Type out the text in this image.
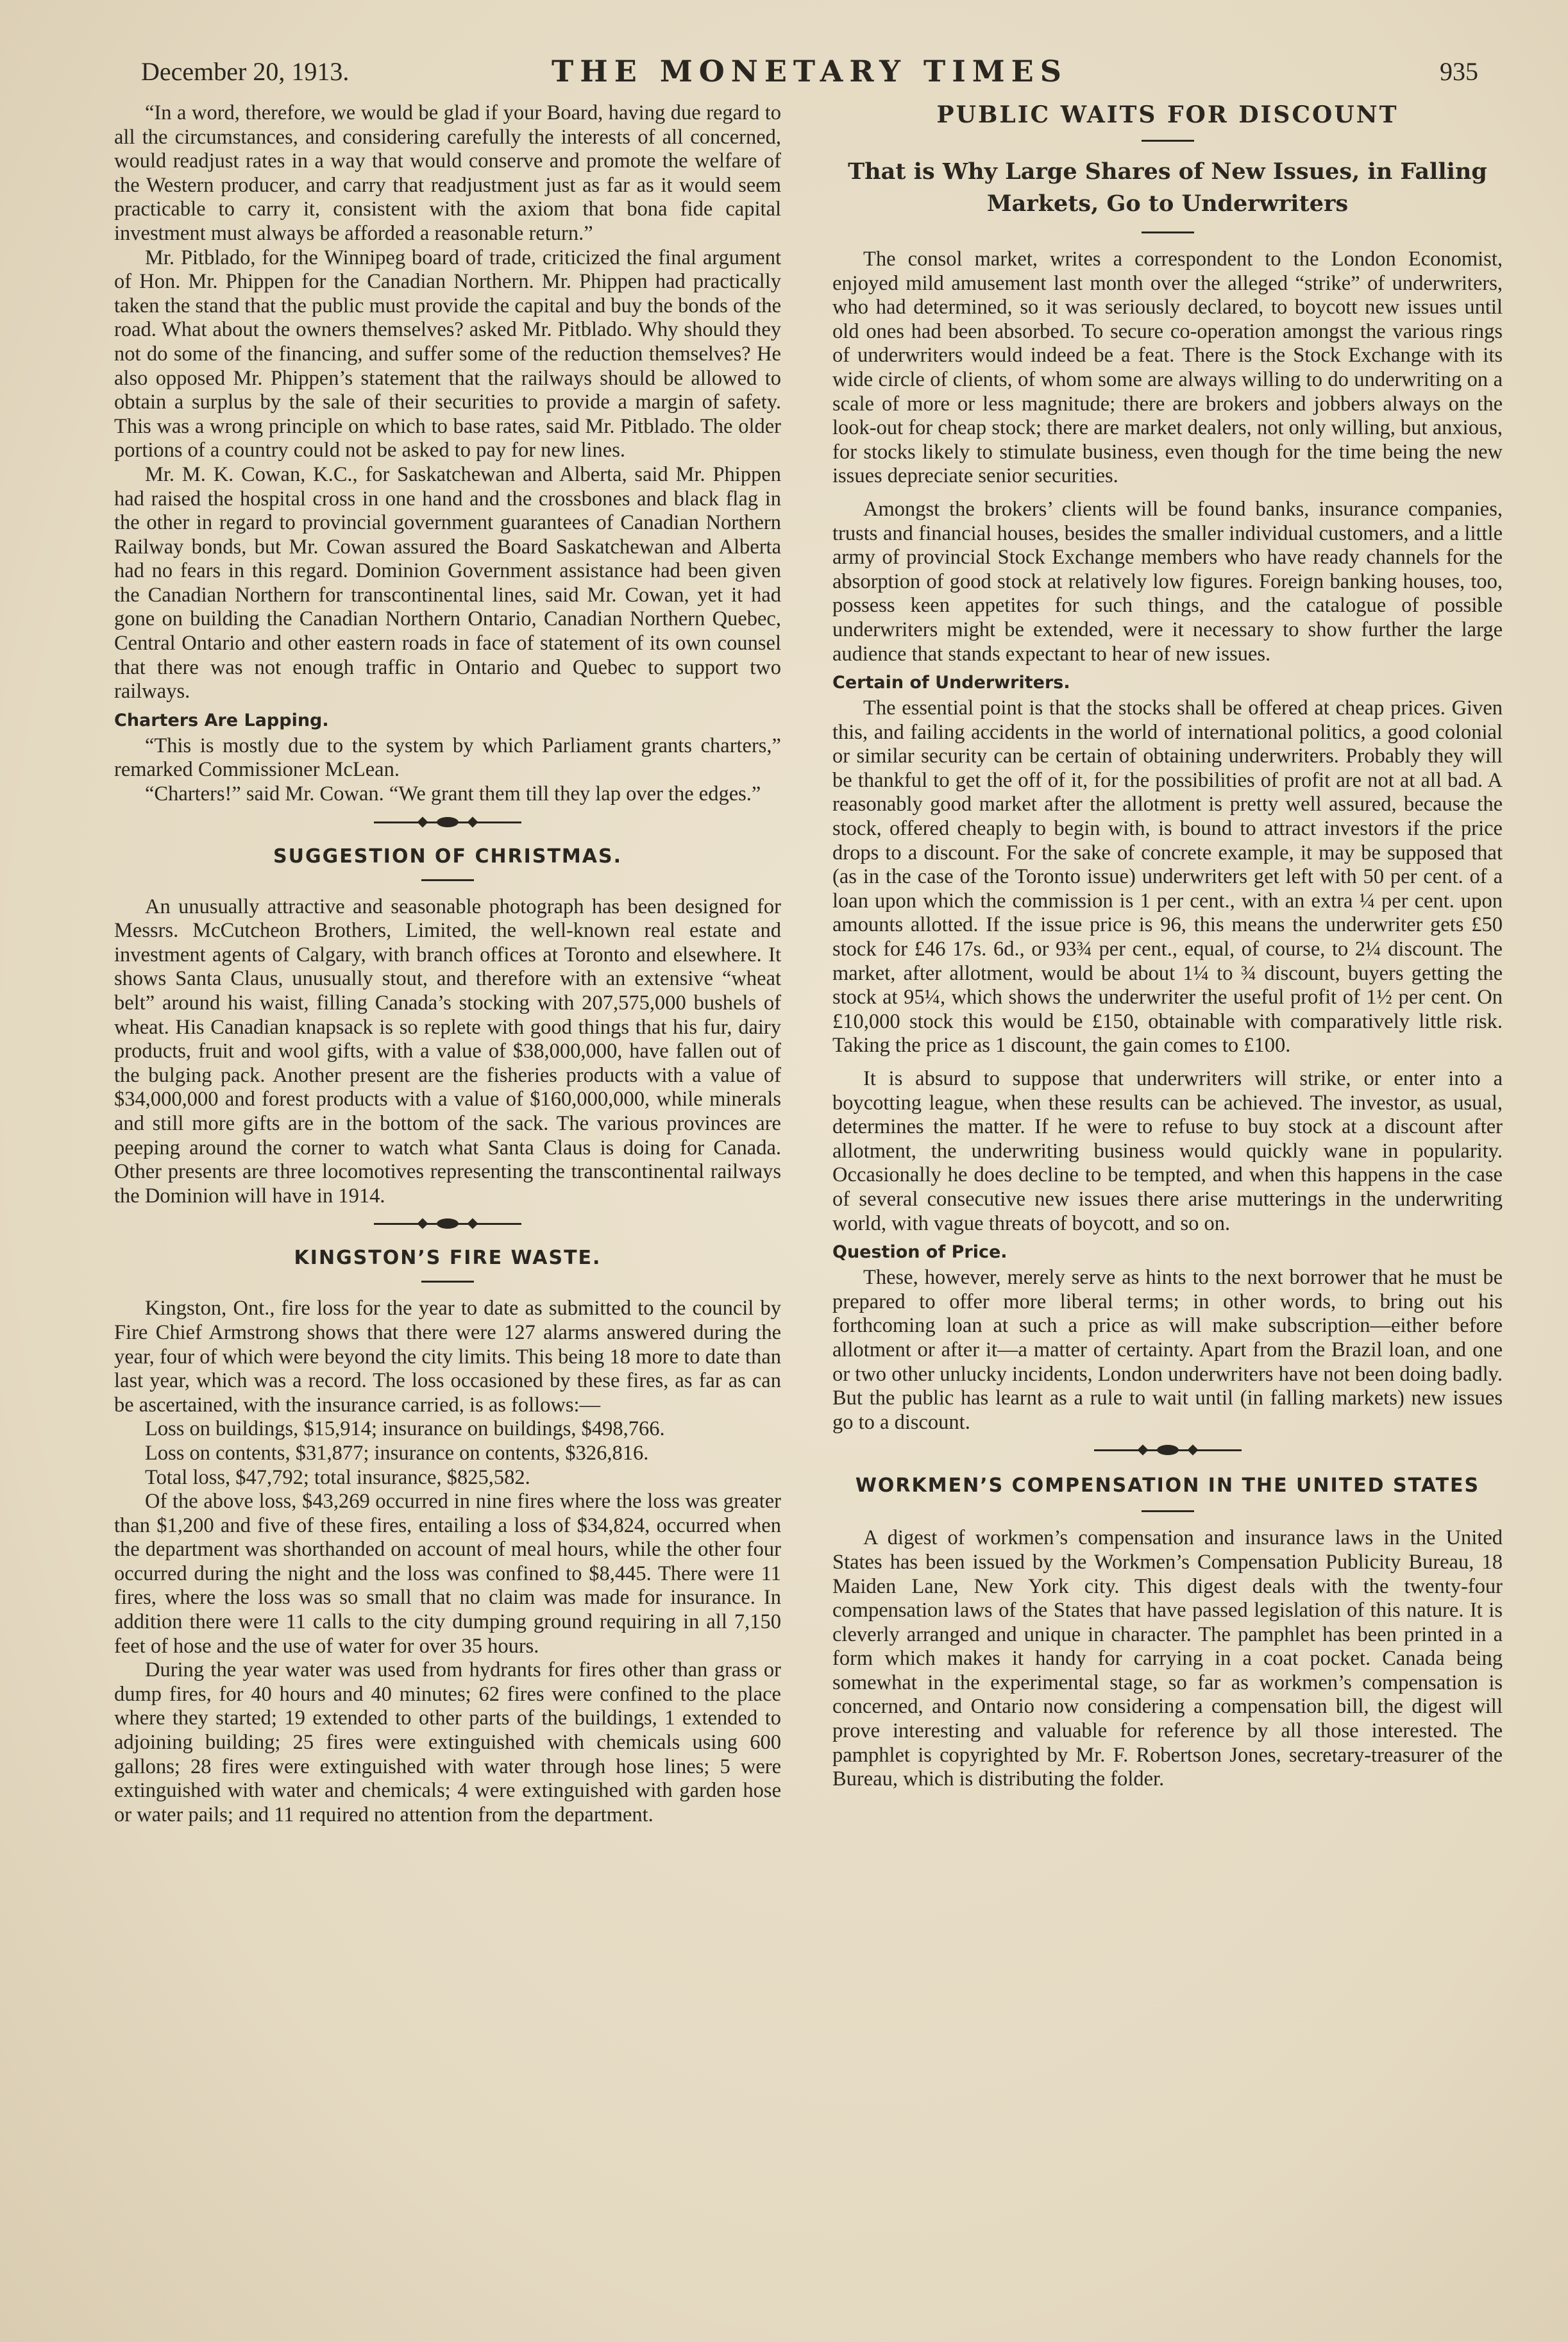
December 20, 1913.	THE MONETARY TIMES	935

“In a word, therefore, we would be glad if your Board, having due regard to all the circumstances, and considering carefully the interests of all concerned, would readjust rates in a way that would conserve and promote the welfare of the Western producer, and carry that readjustment just as far as it would seem practicable to carry it, consistent with the axiom that bona fide capital investment must always be afforded a reasonable return.”

Mr. Pitblado, for the Winnipeg board of trade, criticized the final argument of Hon. Mr. Phippen for the Canadian Northern. Mr. Phippen had practically taken the stand that the public must provide the capital and buy the bonds of the road. What about the owners themselves? asked Mr. Pitblado. Why should they not do some of the financing, and suffer some of the reduction themselves? He also opposed Mr. Phippen’s statement that the railways should be allowed to obtain a surplus by the sale of their securities to provide a margin of safety. This was a wrong principle on which to base rates, said Mr. Pitblado. The older portions of a country could not be asked to pay for new lines.

Mr. M. K. Cowan, K.C., for Saskatchewan and Alberta, said Mr. Phippen had raised the hospital cross in one hand and the crossbones and black flag in the other in regard to provincial government guarantees of Canadian Northern Railway bonds, but Mr. Cowan assured the Board Saskatchewan and Alberta had no fears in this regard. Dominion Government assistance had been given the Canadian Northern for transcontinental lines, said Mr. Cowan, yet it had gone on building the Canadian Northern Ontario, Canadian Northern Quebec, Central Ontario and other eastern roads in face of statement of its own counsel that there was not enough traffic in Ontario and Quebec to support two railways.

Charters Are Lapping.

“This is mostly due to the system by which Parliament grants charters,” remarked Commissioner McLean.

“Charters!” said Mr. Cowan. “We grant them till they lap over the edges.”

SUGGESTION OF CHRISTMAS.

An unusually attractive and seasonable photograph has been designed for Messrs. McCutcheon Brothers, Limited, the well-known real estate and investment agents of Calgary, with branch offices at Toronto and elsewhere. It shows Santa Claus, unusually stout, and therefore with an extensive “wheat belt” around his waist, filling Canada’s stocking with 207,575,000 bushels of wheat. His Canadian knapsack is so replete with good things that his fur, dairy products, fruit and wool gifts, with a value of $38,000,000, have fallen out of the bulging pack. Another present are the fisheries products with a value of $34,000,000 and forest products with a value of $160,000,000, while minerals and still more gifts are in the bottom of the sack. The various provinces are peeping around the corner to watch what Santa Claus is doing for Canada. Other presents are three locomotives representing the transcontinental railways the Dominion will have in 1914.

KINGSTON’S FIRE WASTE.

Kingston, Ont., fire loss for the year to date as submitted to the council by Fire Chief Armstrong shows that there were 127 alarms answered during the year, four of which were beyond the city limits. This being 18 more to date than last year, which was a record. The loss occasioned by these fires, as far as can be ascertained, with the insurance carried, is as follows:—

Loss on buildings, $15,914; insurance on buildings, $498,766.

Loss on contents, $31,877; insurance on contents, $326,816.

Total loss, $47,792; total insurance, $825,582.

Of the above loss, $43,269 occurred in nine fires where the loss was greater than $1,200 and five of these fires, entailing a loss of $34,824, occurred when the department was shorthanded on account of meal hours, while the other four occurred during the night and the loss was confined to $8,445. There were 11 fires, where the loss was so small that no claim was made for insurance. In addition there were 11 calls to the city dumping ground requiring in all 7,150 feet of hose and the use of water for over 35 hours.

During the year water was used from hydrants for fires other than grass or dump fires, for 40 hours and 40 minutes; 62 fires were confined to the place where they started; 19 extended to other parts of the buildings, 1 extended to adjoining building; 25 fires were extinguished with chemicals using 600 gallons; 28 fires were extinguished with water through hose lines; 5 were extinguished with water and chemicals; 4 were extinguished with garden hose or water pails; and 11 required no attention from the department.

PUBLIC WAITS FOR DISCOUNT
That is Why Large Shares of New Issues, in Falling Markets, Go to Underwriters

The consol market, writes a correspondent to the London Economist, enjoyed mild amusement last month over the alleged “strike” of underwriters, who had determined, so it was seriously declared, to boycott new issues until old ones had been absorbed. To secure co-operation amongst the various rings of underwriters would indeed be a feat. There is the Stock Exchange with its wide circle of clients, of whom some are always willing to do underwriting on a scale of more or less magnitude; there are brokers and jobbers always on the look-out for cheap stock; there are market dealers, not only willing, but anxious, for stocks likely to stimulate business, even though for the time being the new issues depreciate senior securities.

Amongst the brokers’ clients will be found banks, insurance companies, trusts and financial houses, besides the smaller individual customers, and a little army of provincial Stock Exchange members who have ready channels for the absorption of good stock at relatively low figures. Foreign banking houses, too, possess keen appetites for such things, and the catalogue of possible underwriters might be extended, were it necessary to show further the large audience that stands expectant to hear of new issues.

Certain of Underwriters.

The essential point is that the stocks shall be offered at cheap prices. Given this, and failing accidents in the world of international politics, a good colonial or similar security can be certain of obtaining underwriters. Probably they will be thankful to get the off of it, for the possibilities of profit are not at all bad. A reasonably good market after the allotment is pretty well assured, because the stock, offered cheaply to begin with, is bound to attract investors if the price drops to a discount. For the sake of concrete example, it may be supposed that (as in the case of the Toronto issue) underwriters get left with 50 per cent. of a loan upon which the commission is 1 per cent., with an extra ¼ per cent. upon amounts allotted. If the issue price is 96, this means the underwriter gets £50 stock for £46 17s. 6d., or 93¾ per cent., equal, of course, to 2¼ discount. The market, after allotment, would be about 1¼ to ¾ discount, buyers getting the stock at 95¼, which shows the underwriter the useful profit of 1½ per cent. On £10,000 stock this would be £150, obtainable with comparatively little risk. Taking the price as 1 discount, the gain comes to £100.

It is absurd to suppose that underwriters will strike, or enter into a boycotting league, when these results can be achieved. The investor, as usual, determines the matter. If he were to refuse to buy stock at a discount after allotment, the underwriting business would quickly wane in popularity. Occasionally he does decline to be tempted, and when this happens in the case of several consecutive new issues there arise mutterings in the underwriting world, with vague threats of boycott, and so on.

Question of Price.

These, however, merely serve as hints to the next borrower that he must be prepared to offer more liberal terms; in other words, to bring out his forthcoming loan at such a price as will make subscription—either before allotment or after it—a matter of certainty. Apart from the Brazil loan, and one or two other unlucky incidents, London underwriters have not been doing badly. But the public has learnt as a rule to wait until (in falling markets) new issues go to a discount.

WORKMEN’S COMPENSATION IN THE UNITED STATES

A digest of workmen’s compensation and insurance laws in the United States has been issued by the Workmen’s Compensation Publicity Bureau, 18 Maiden Lane, New York city. This digest deals with the twenty-four compensation laws of the States that have passed legislation of this nature. It is cleverly arranged and unique in character. The pamphlet has been printed in a form which makes it handy for carrying in a coat pocket. Canada being somewhat in the experimental stage, so far as workmen’s compensation is concerned, and Ontario now considering a compensation bill, the digest will prove interesting and valuable for reference by all those interested. The pamphlet is copyrighted by Mr. F. Robertson Jones, secretary-treasurer of the Bureau, which is distributing the folder.
